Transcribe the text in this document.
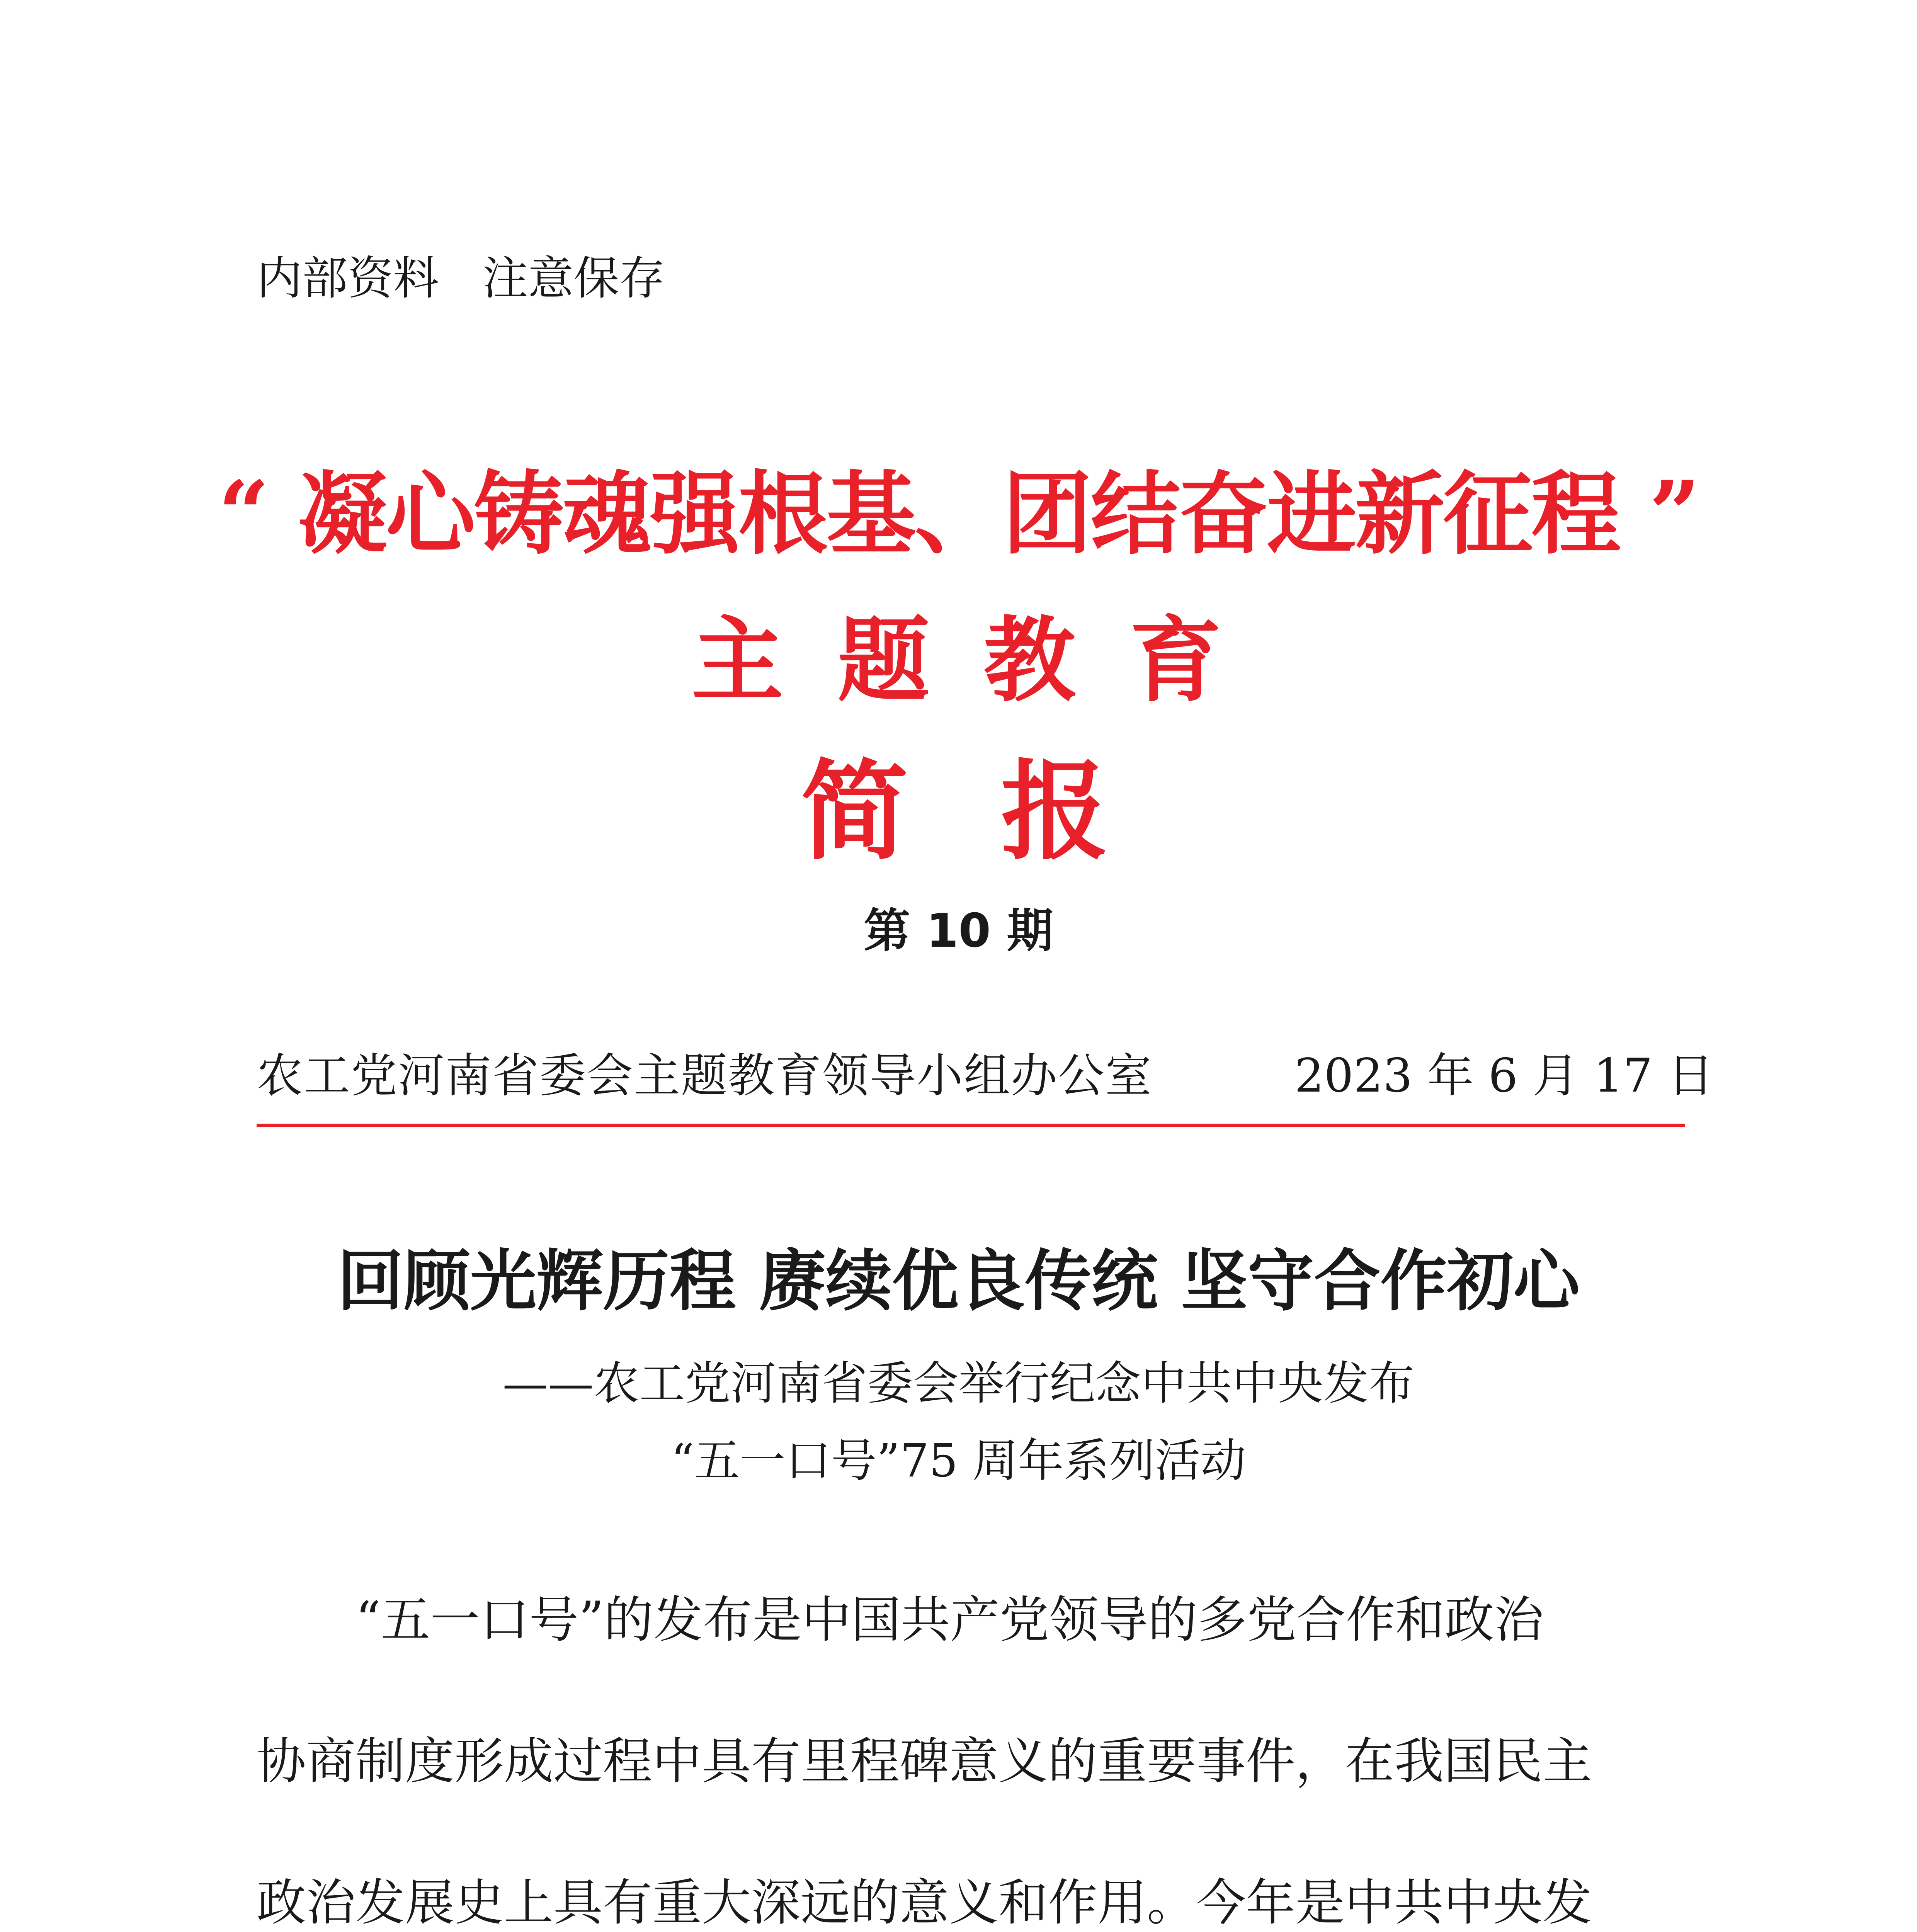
内部资料   注意保存
“ 凝心铸魂强根基、团结奋进新征程 ”
主题教育
简报
第 10 期
农工党河南省委会主题教育领导小组办公室	2023 年 6 月 17 日
回顾光辉历程 赓续优良传统 坚守合作初心
——农工党河南省委会举行纪念中共中央发布
“五一口号”75 周年系列活动
　　“五一口号”的发布是中国共产党领导的多党合作和政治
协商制度形成过程中具有里程碑意义的重要事件，在我国民主
政治发展史上具有重大深远的意义和作用。今年是中共中央发
